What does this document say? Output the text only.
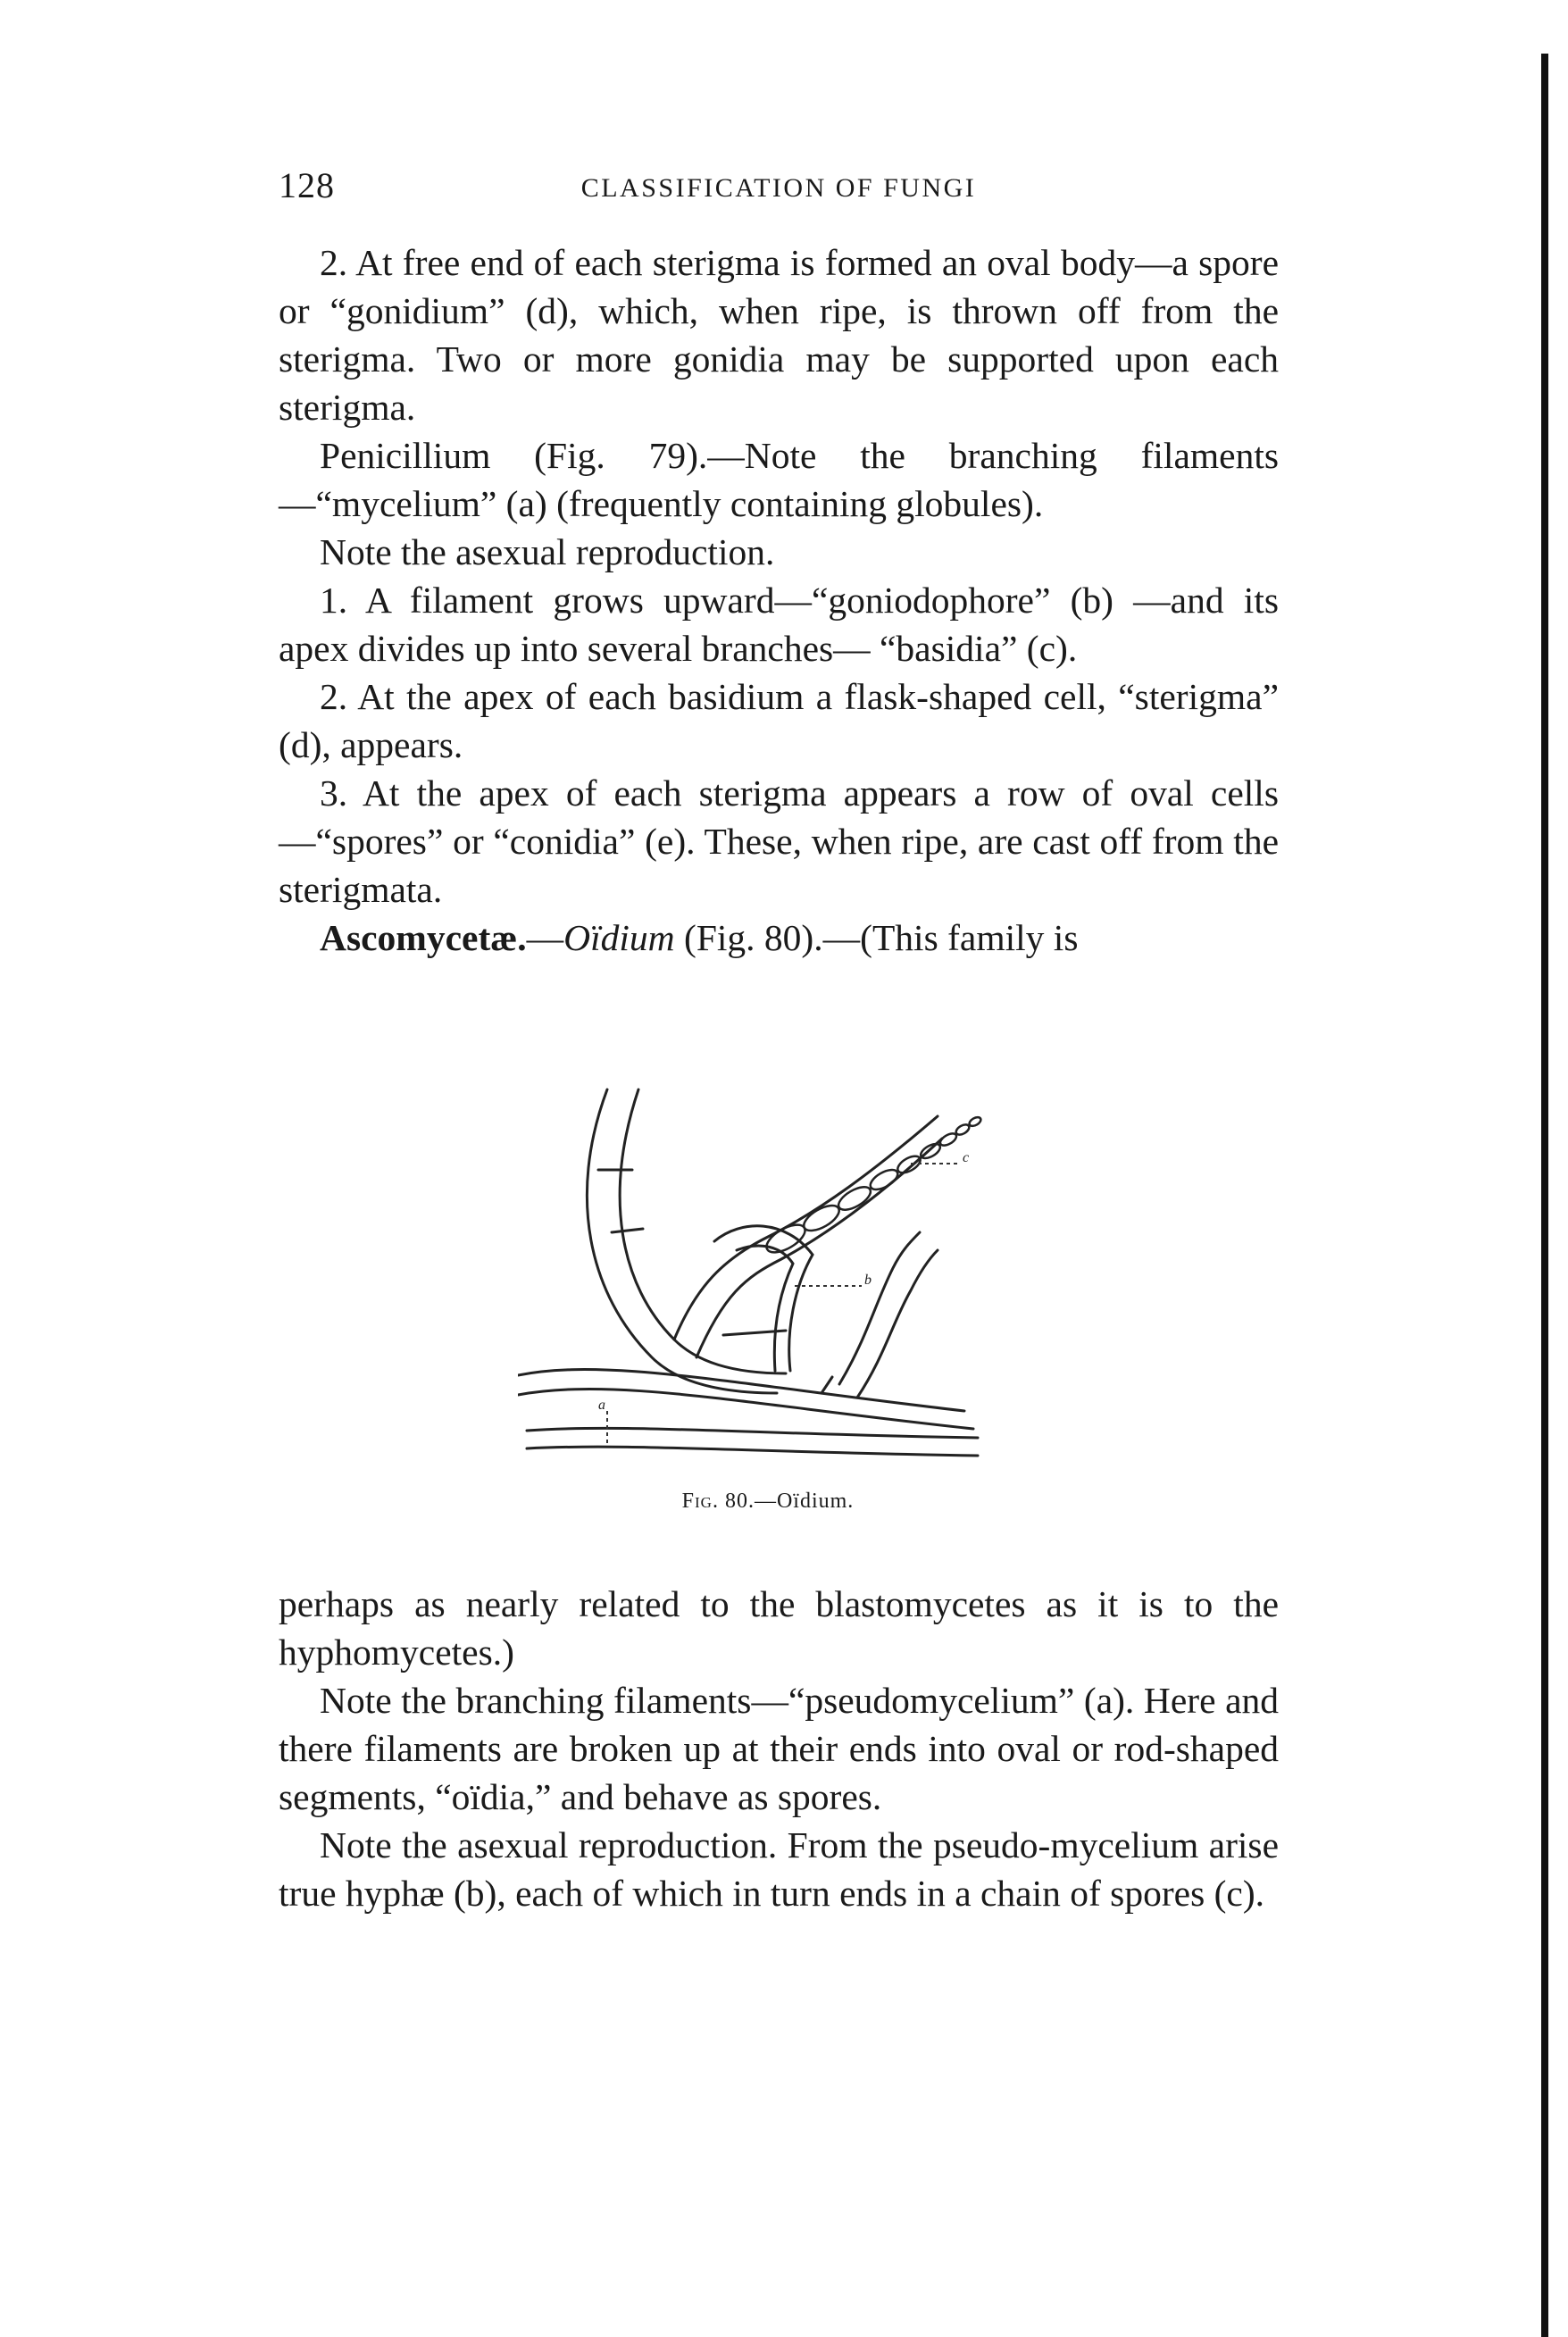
128	CLASSIFICATION OF FUNGI

2. At free end of each sterigma is formed an oval body—a spore or “gonidium” (d), which, when ripe, is thrown off from the sterigma. Two or more gonidia may be supported upon each sterigma.

Penicillium (Fig. 79).—Note the branching filaments —“mycelium” (a) (frequently containing globules).

Note the asexual reproduction.

1. A filament grows upward—“goniodophore” (b) —and its apex divides up into several branches— “basidia” (c).

2. At the apex of each basidium a flask-shaped cell, “sterigma” (d), appears.

3. At the apex of each sterigma appears a row of oval cells—“spores” or “conidia” (e). These, when ripe, are cast off from the sterigmata.

Ascomycetæ.—Oïdium (Fig. 80).—(This family is

c
b
a
Fig. 80.—Oïdium.

perhaps as nearly related to the blastomycetes as it is to the hyphomycetes.)

Note the branching filaments—“pseudomycelium” (a). Here and there filaments are broken up at their ends into oval or rod-shaped segments, “oïdia,” and behave as spores.

Note the asexual reproduction. From the pseudo-mycelium arise true hyphæ (b), each of which in turn ends in a chain of spores (c).
